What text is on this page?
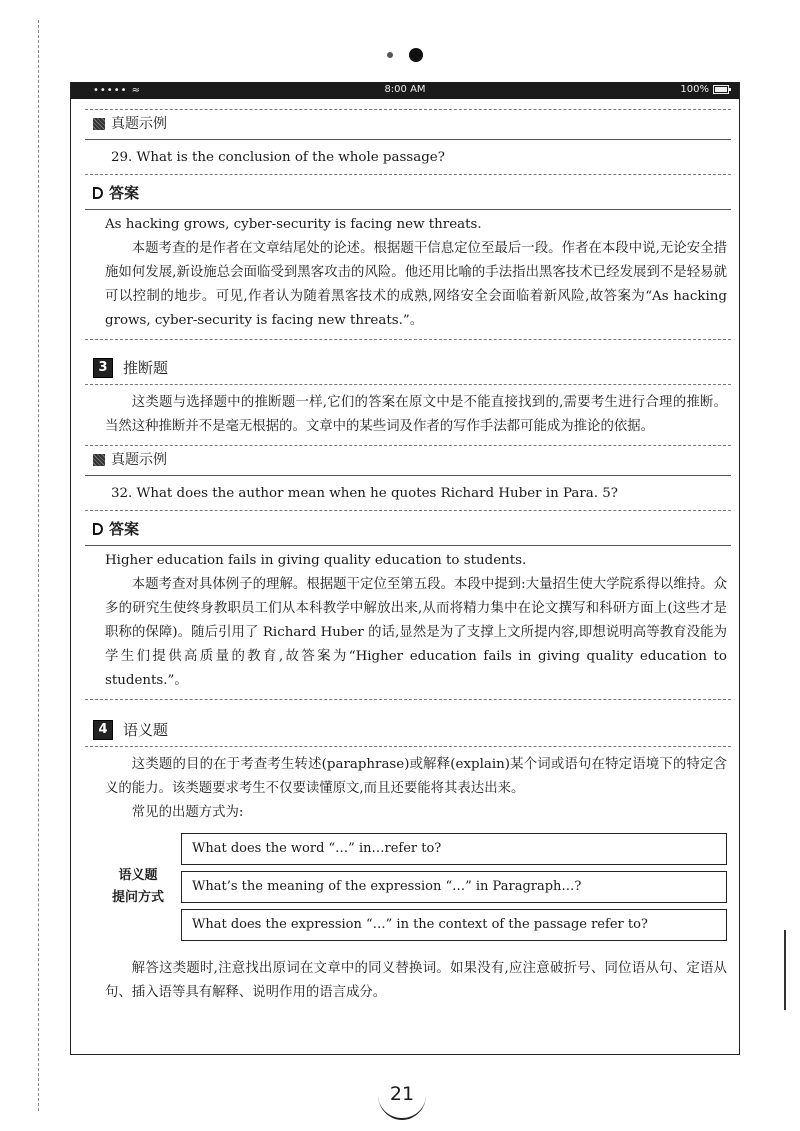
••••• ≈	8:00 AM	100%
真题示例
29. What is the conclusion of the whole passage?
答案

As hacking grows, cyber-security is facing new threats.

本题考查的是作者在文章结尾处的论述。根据题干信息定位至最后一段。作者在本段中说,无论安全措施如何发展,新设施总会面临受到黑客攻击的风险。他还用比喻的手法指出黑客技术已经发展到不是轻易就可以控制的地步。可见,作者认为随着黑客技术的成熟,网络安全会面临着新风险,故答案为“As hacking grows, cyber-security is facing new threats.”。

3	推断题

这类题与选择题中的推断题一样,它们的答案在原文中是不能直接找到的,需要考生进行合理的推断。当然这种推断并不是毫无根据的。文章中的某些词及作者的写作手法都可能成为推论的依据。

真题示例
32. What does the author mean when he quotes Richard Huber in Para. 5?
答案

Higher education fails in giving quality education to students.

本题考查对具体例子的理解。根据题干定位至第五段。本段中提到:大量招生使大学院系得以维持。众多的研究生使终身教职员工们从本科教学中解放出来,从而将精力集中在论文撰写和科研方面上(这些才是职称的保障)。随后引用了 Richard Huber 的话,显然是为了支撑上文所提内容,即想说明高等教育没能为学生们提供高质量的教育,故答案为“Higher education fails in giving quality education to students.”。

4	语义题

这类题的目的在于考查考生转述(paraphrase)或解释(explain)某个词或语句在特定语境下的特定含义的能力。该类题要求考生不仅要读懂原文,而且还要能将其表达出来。

常见的出题方式为:

语义题
提问方式
What does the word “…” in…refer to?
What’s the meaning of the expression “…” in Paragraph…?
What does the expression “…” in the context of the passage refer to?

解答这类题时,注意找出原词在文章中的同义替换词。如果没有,应注意破折号、同位语从句、定语从句、插入语等具有解释、说明作用的语言成分。

21
